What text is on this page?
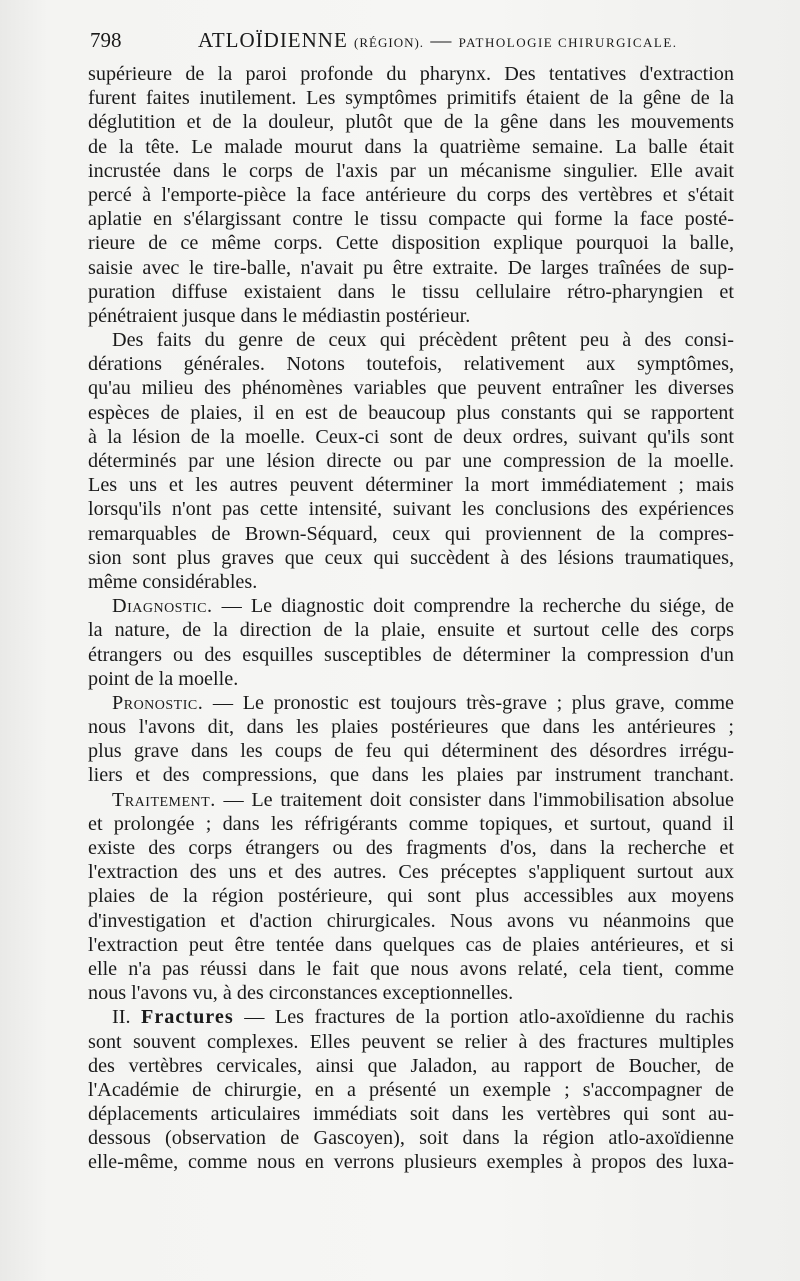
798	ATLOÏDIENNE (RÉGION). — PATHOLOGIE CHIRURGICALE.
supérieure de la paroi profonde du pharynx. Des tentatives d'extraction
furent faites inutilement. Les symptômes primitifs étaient de la gêne de la
déglutition et de la douleur, plutôt que de la gêne dans les mouvements
de la tête. Le malade mourut dans la quatrième semaine. La balle était
incrustée dans le corps de l'axis par un mécanisme singulier. Elle avait
percé à l'emporte-pièce la face antérieure du corps des vertèbres et s'était
aplatie en s'élargissant contre le tissu compacte qui forme la face posté-
rieure de ce même corps. Cette disposition explique pourquoi la balle,
saisie avec le tire-balle, n'avait pu être extraite. De larges traînées de sup-
puration diffuse existaient dans le tissu cellulaire rétro-pharyngien et
pénétraient jusque dans le médiastin postérieur.
Des faits du genre de ceux qui précèdent prêtent peu à des consi-
dérations générales. Notons toutefois, relativement aux symptômes,
qu'au milieu des phénomènes variables que peuvent entraîner les diverses
espèces de plaies, il en est de beaucoup plus constants qui se rapportent
à la lésion de la moelle. Ceux-ci sont de deux ordres, suivant qu'ils sont
déterminés par une lésion directe ou par une compression de la moelle.
Les uns et les autres peuvent déterminer la mort immédiatement ; mais
lorsqu'ils n'ont pas cette intensité, suivant les conclusions des expériences
remarquables de Brown-Séquard, ceux qui proviennent de la compres-
sion sont plus graves que ceux qui succèdent à des lésions traumatiques,
même considérables.
Diagnostic. — Le diagnostic doit comprendre la recherche du siége, de
la nature, de la direction de la plaie, ensuite et surtout celle des corps
étrangers ou des esquilles susceptibles de déterminer la compression d'un
point de la moelle.
Pronostic. — Le pronostic est toujours très-grave ; plus grave, comme
nous l'avons dit, dans les plaies postérieures que dans les antérieures ;
plus grave dans les coups de feu qui déterminent des désordres irrégu-
liers et des compressions, que dans les plaies par instrument tranchant.
Traitement. — Le traitement doit consister dans l'immobilisation absolue
et prolongée ; dans les réfrigérants comme topiques, et surtout, quand il
existe des corps étrangers ou des fragments d'os, dans la recherche et
l'extraction des uns et des autres. Ces préceptes s'appliquent surtout aux
plaies de la région postérieure, qui sont plus accessibles aux moyens
d'investigation et d'action chirurgicales. Nous avons vu néanmoins que
l'extraction peut être tentée dans quelques cas de plaies antérieures, et si
elle n'a pas réussi dans le fait que nous avons relaté, cela tient, comme
nous l'avons vu, à des circonstances exceptionnelles.
II. Fractures — Les fractures de la portion atlo-axoïdienne du rachis
sont souvent complexes. Elles peuvent se relier à des fractures multiples
des vertèbres cervicales, ainsi que Jaladon, au rapport de Boucher, de
l'Académie de chirurgie, en a présenté un exemple ; s'accompagner de
déplacements articulaires immédiats soit dans les vertèbres qui sont au-
dessous (observation de Gascoyen), soit dans la région atlo-axoïdienne
elle-même, comme nous en verrons plusieurs exemples à propos des luxa-
